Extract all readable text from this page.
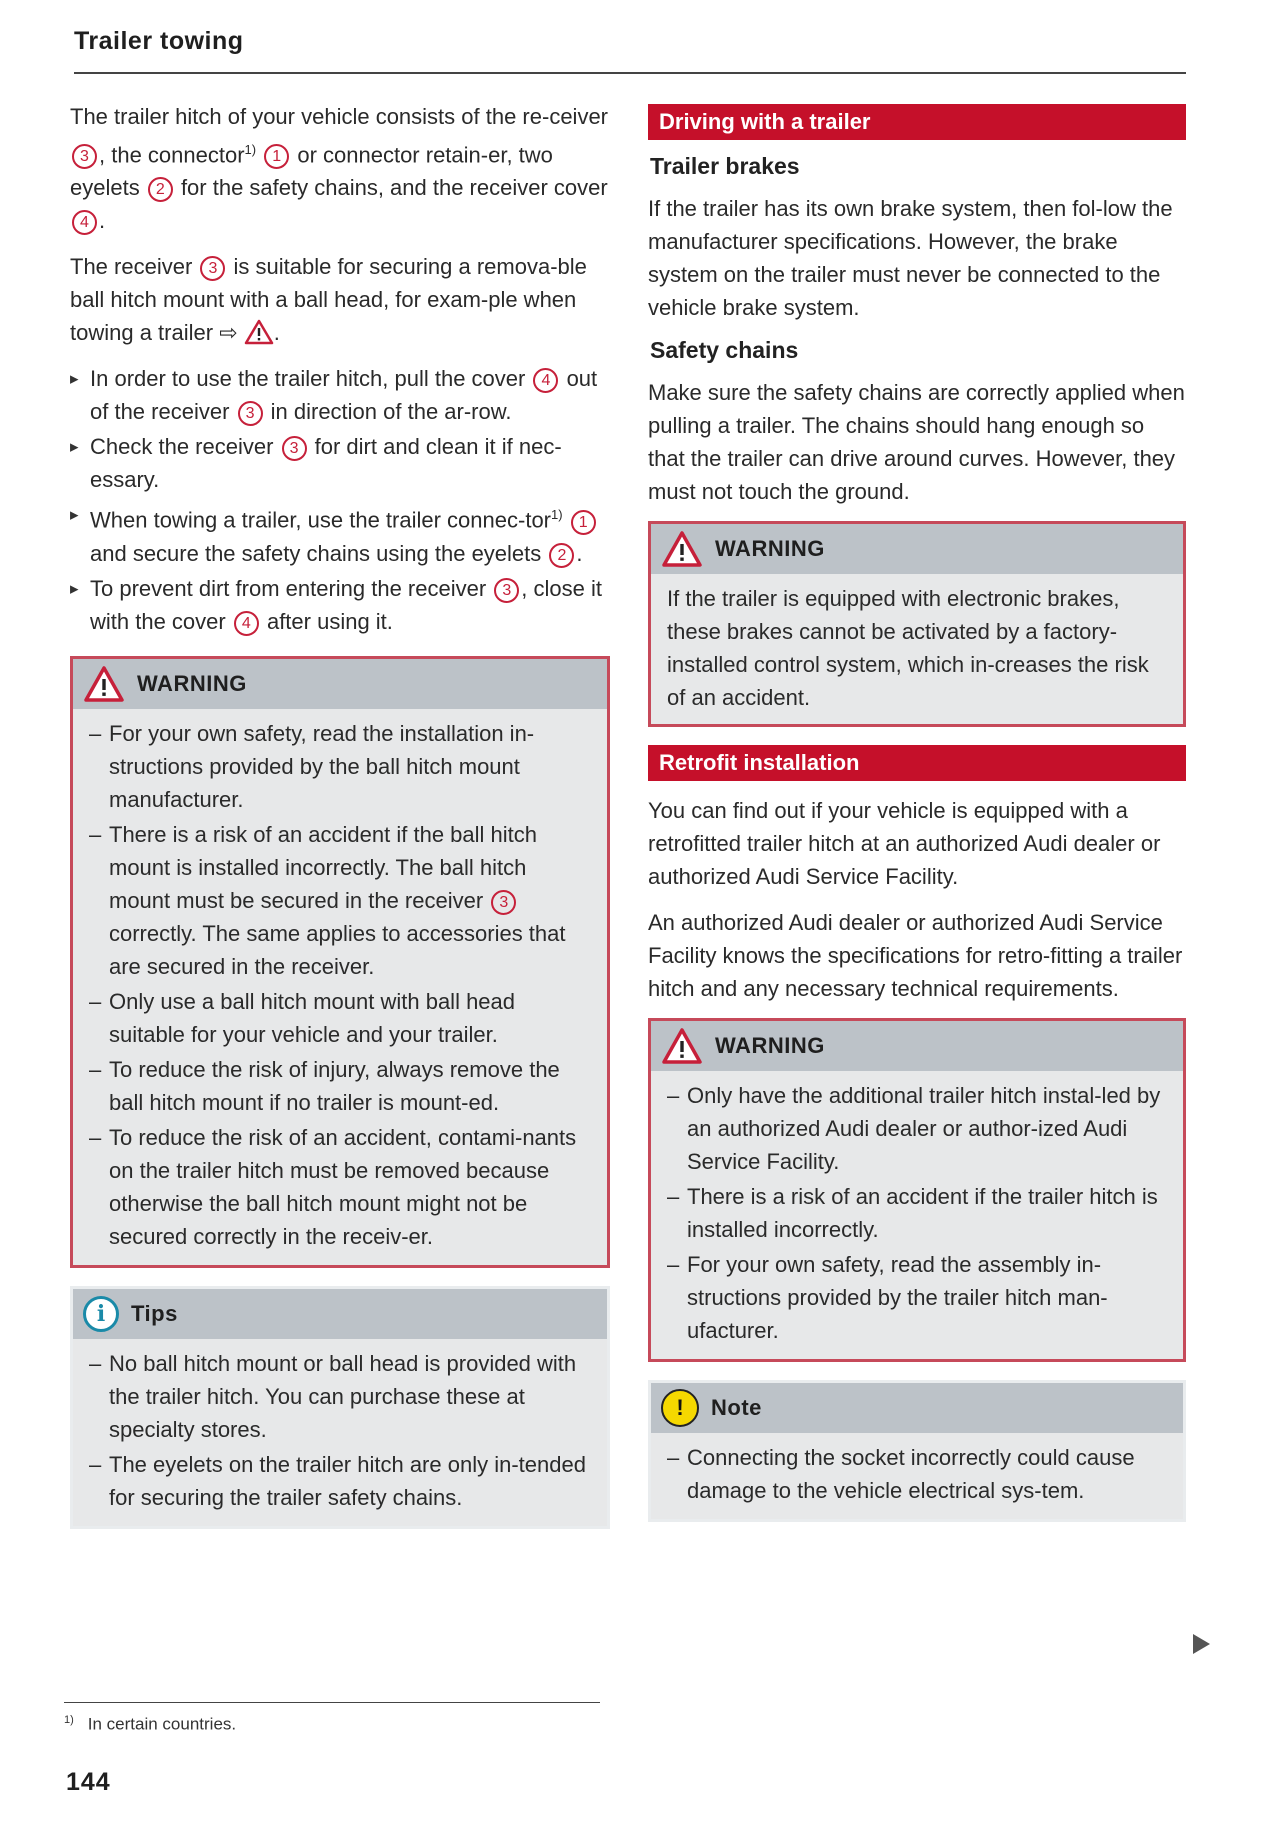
Trailer towing

The trailer hitch of your vehicle consists of the re-ceiver 3 , the connector$^{1)}$ 1 or connector retain-er, two eyelets 2 for the safety chains, and the receiver cover 4 .

The receiver 3 is suitable for securing a remova-ble ball hitch mount with a ball head, for exam-ple when towing a trailer ⇨ .

▸ In order to use the trailer hitch, pull the cover 4 out of the receiver 3 in direction of the ar-row.
▸ Check the receiver 3 for dirt and clean it if nec-essary.
▸ When towing a trailer, use the trailer connec-tor$^{1)}$ 1 and secure the safety chains using the eyelets 2 .
▸ To prevent dirt from entering the receiver 3 , close it with the cover 4 after using it.
WARNING
– For your own safety, read the installation in-structions provided by the ball hitch mount manufacturer.
– There is a risk of an accident if the ball hitch mount is installed incorrectly. The ball hitch mount must be secured in the receiver 3 correctly. The same applies to accessories that are secured in the receiver.
– Only use a ball hitch mount with ball head suitable for your vehicle and your trailer.
– To reduce the risk of injury, always remove the ball hitch mount if no trailer is mount-ed.
– To reduce the risk of an accident, contami-nants on the trailer hitch must be removed because otherwise the ball hitch mount might not be secured correctly in the receiv-er.
i	Tips
– No ball hitch mount or ball head is provided with the trailer hitch. You can purchase these at specialty stores.
– The eyelets on the trailer hitch are only in-tended for securing the trailer safety chains.
Driving with a trailer
Trailer brakes

If the trailer has its own brake system, then fol-low the manufacturer specifications. However, the brake system on the trailer must never be connected to the vehicle brake system.

Safety chains

Make sure the safety chains are correctly applied when pulling a trailer. The chains should hang enough so that the trailer can drive around curves. However, they must not touch the ground.

WARNING

If the trailer is equipped with electronic brakes, these brakes cannot be activated by a factory-installed control system, which in-creases the risk of an accident.

Retrofit installation

You can find out if your vehicle is equipped with a retrofitted trailer hitch at an authorized Audi dealer or authorized Audi Service Facility.

An authorized Audi dealer or authorized Audi Service Facility knows the specifications for retro-fitting a trailer hitch and any necessary technical requirements.

WARNING
– Only have the additional trailer hitch instal-led by an authorized Audi dealer or author-ized Audi Service Facility.
– There is a risk of an accident if the trailer hitch is installed incorrectly.
– For your own safety, read the assembly in-structions provided by the trailer hitch man-ufacturer.
!	Note
– Connecting the socket incorrectly could cause damage to the vehicle electrical sys-tem.
$^{1)}$ In certain countries.
144
